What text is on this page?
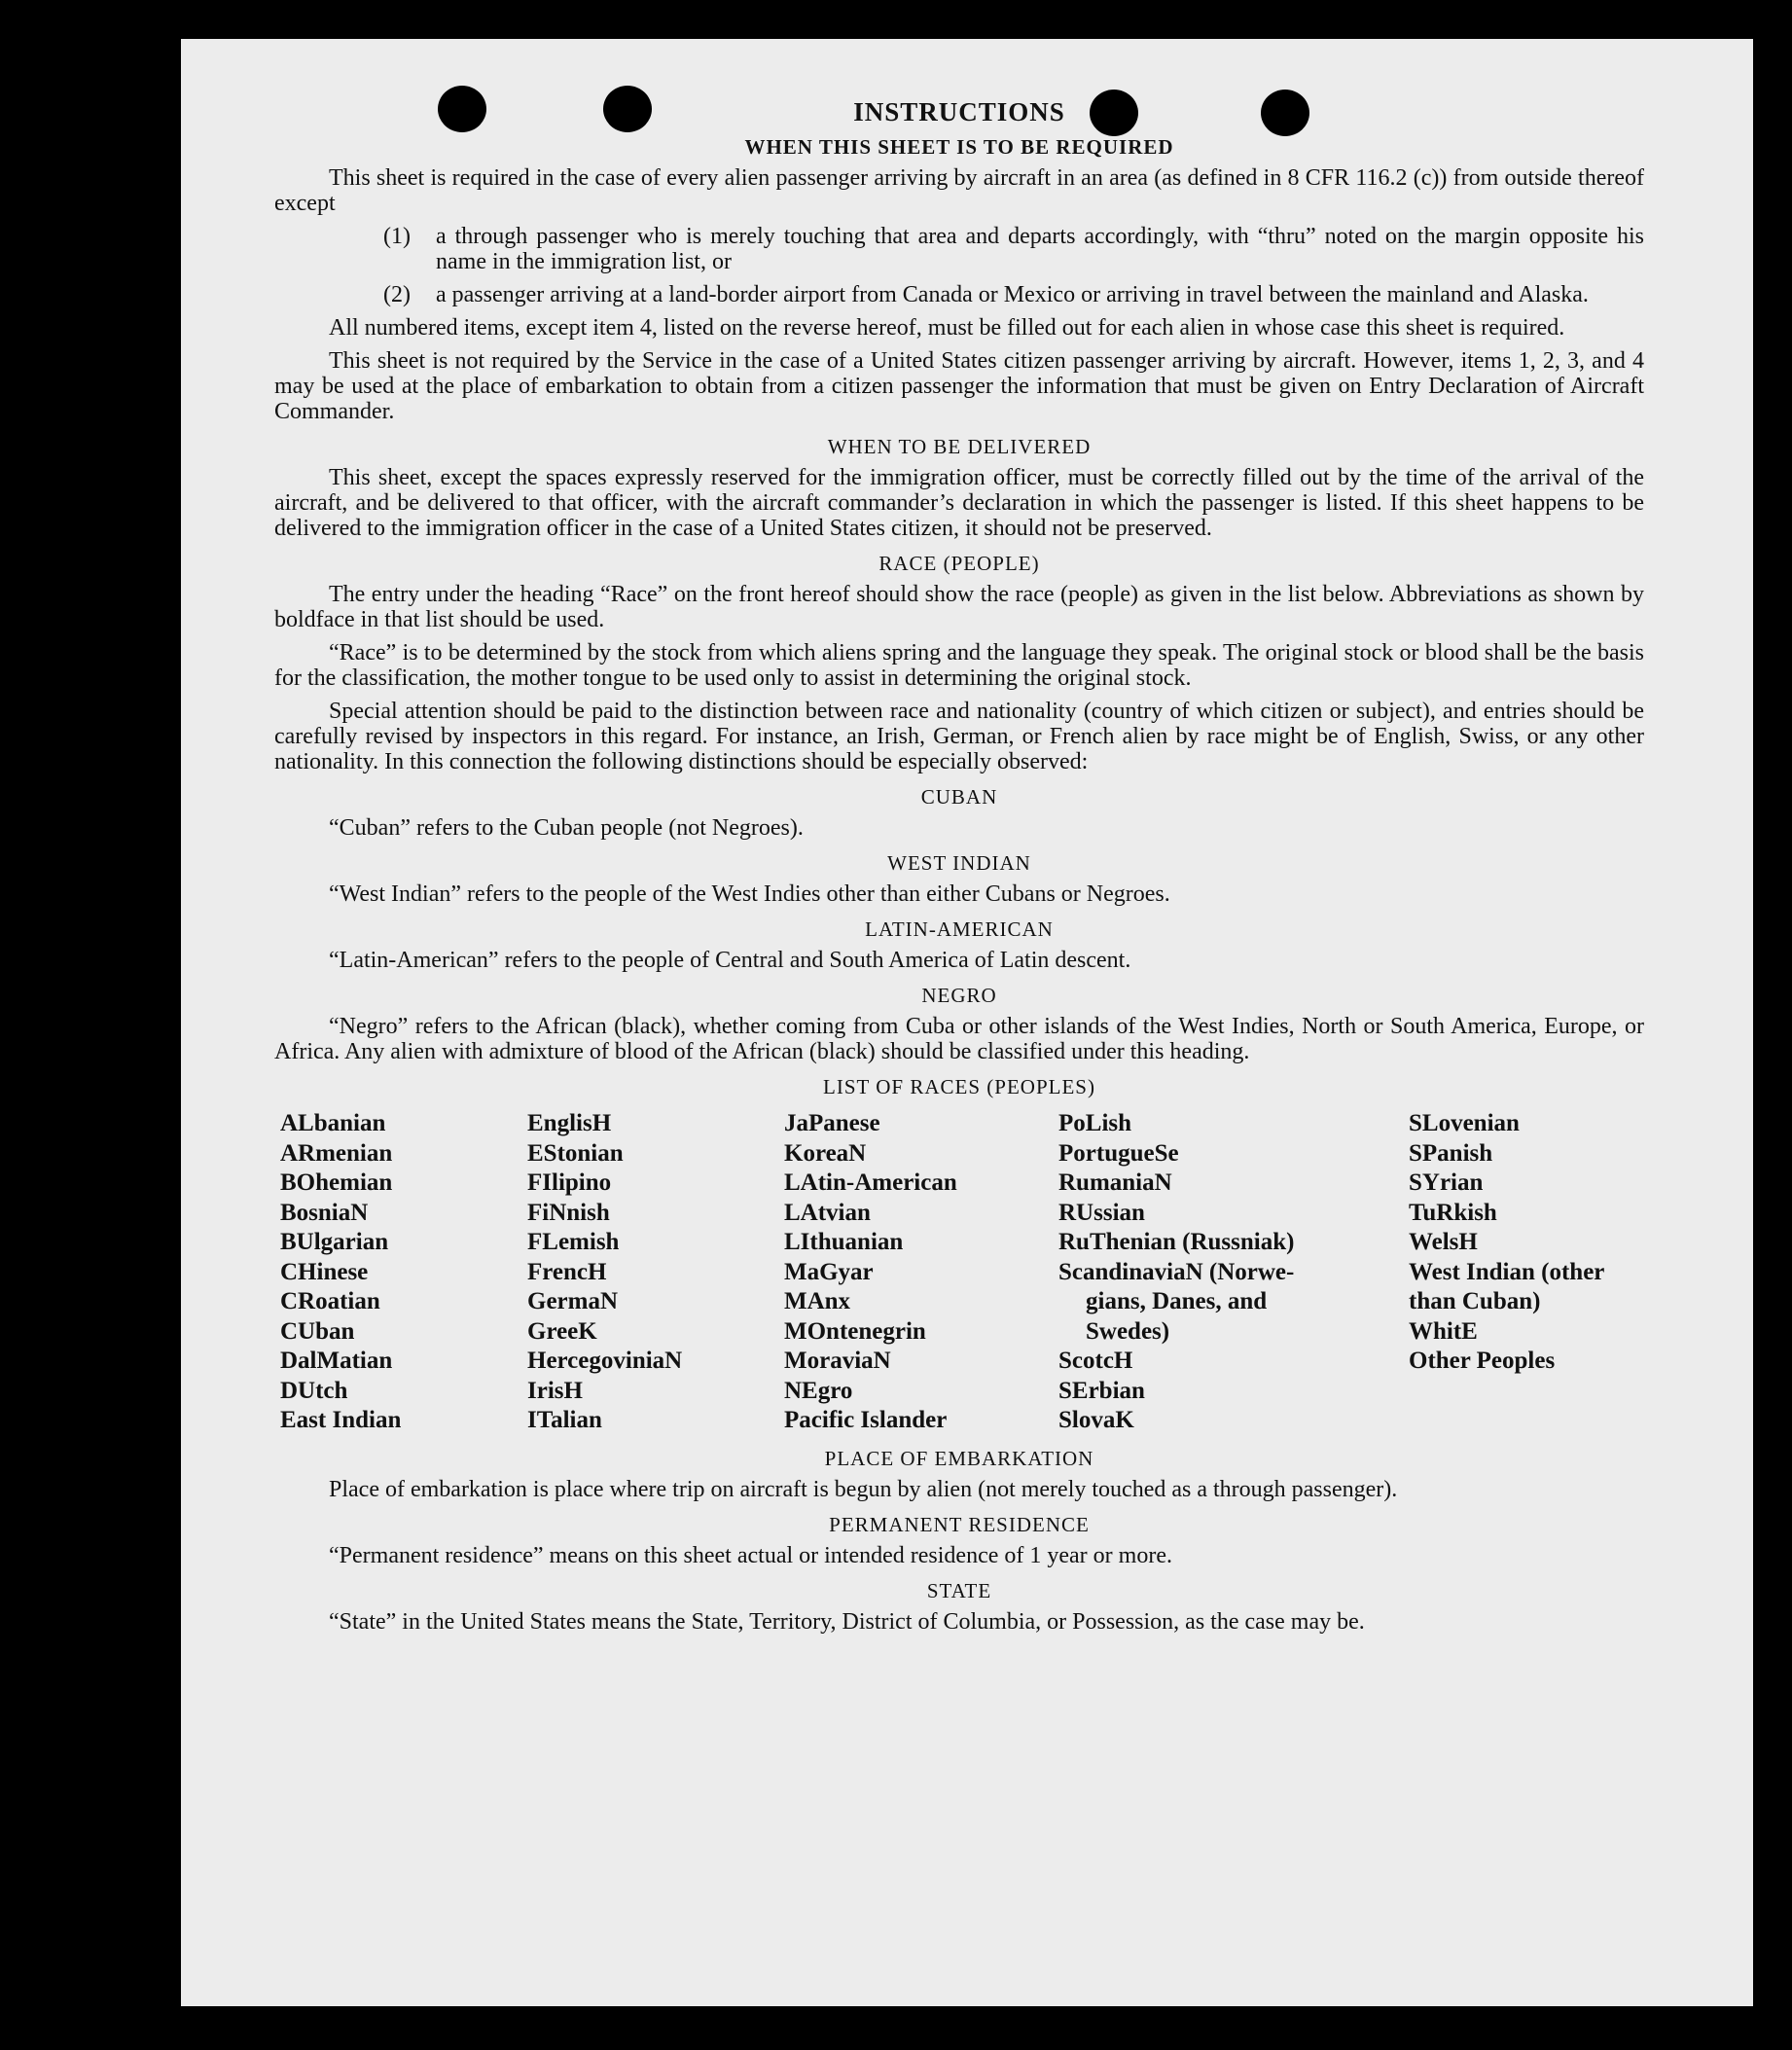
INSTRUCTIONS
WHEN THIS SHEET IS TO BE REQUIRED

This sheet is required in the case of every alien passenger arriving by aircraft in an area (as defined in 8 CFR 116.2 (c)) from outside thereof except

(1)	a through passenger who is merely touching that area and departs accordingly, with “thru” noted on the margin opposite his name in the immigration list, or
(2)	a passenger arriving at a land-border airport from Canada or Mexico or arriving in travel between the mainland and Alaska.

All numbered items, except item 4, listed on the reverse hereof, must be filled out for each alien in whose case this sheet is required.

This sheet is not required by the Service in the case of a United States citizen passenger arriving by aircraft. However, items 1, 2, 3, and 4 may be used at the place of embarkation to obtain from a citizen passenger the information that must be given on Entry Declaration of Aircraft Commander.

WHEN TO BE DELIVERED

This sheet, except the spaces expressly reserved for the immigration officer, must be correctly filled out by the time of the arrival of the aircraft, and be delivered to that officer, with the aircraft commander’s declaration in which the passenger is listed. If this sheet happens to be delivered to the immigration officer in the case of a United States citizen, it should not be preserved.

RACE (PEOPLE)

The entry under the heading “Race” on the front hereof should show the race (people) as given in the list below. Abbreviations as shown by boldface in that list should be used.

“Race” is to be determined by the stock from which aliens spring and the language they speak. The original stock or blood shall be the basis for the classification, the mother tongue to be used only to assist in determining the original stock.

Special attention should be paid to the distinction between race and nationality (country of which citizen or subject), and entries should be carefully revised by inspectors in this regard. For instance, an Irish, German, or French alien by race might be of English, Swiss, or any other nationality. In this connection the following distinctions should be especially observed:

CUBAN

“Cuban” refers to the Cuban people (not Negroes).

WEST INDIAN

“West Indian” refers to the people of the West Indies other than either Cubans or Negroes.

LATIN-AMERICAN

“Latin-American” refers to the people of Central and South America of Latin descent.

NEGRO

“Negro” refers to the African (black), whether coming from Cuba or other islands of the West Indies, North or South America, Europe, or Africa. Any alien with admixture of blood of the African (black) should be classified under this heading.

LIST OF RACES (PEOPLES)
ALbanian	EnglisH	JaPanese	PoLish	SLovenian
ARmenian	EStonian	KoreaN	PortugueSe	SPanish
BOhemian	FIlipino	LAtin-American	RumaniaN	SYrian
BosniaN	FiNnish	LAtvian	RUssian	TuRkish
BUlgarian	FLemish	LIthuanian	RuThenian (Russniak)	WelsH
CHinese	FrencH	MaGyar	ScandinaviaN (Norwe-	West Indian (other
CRoatian	GermaN	MAnx	gians, Danes, and	than Cuban)
CUban	GreeK	MOntenegrin	Swedes)	WhitE
DalMatian	HercegoviniaN	MoraviaN	ScotcH	Other Peoples
DUtch	IrisH	NEgro	SErbian
East Indian	ITalian	Pacific Islander	SlovaK
PLACE OF EMBARKATION

Place of embarkation is place where trip on aircraft is begun by alien (not merely touched as a through passenger).

PERMANENT RESIDENCE

“Permanent residence” means on this sheet actual or intended residence of 1 year or more.

STATE

“State” in the United States means the State, Territory, District of Columbia, or Possession, as the case may be.
